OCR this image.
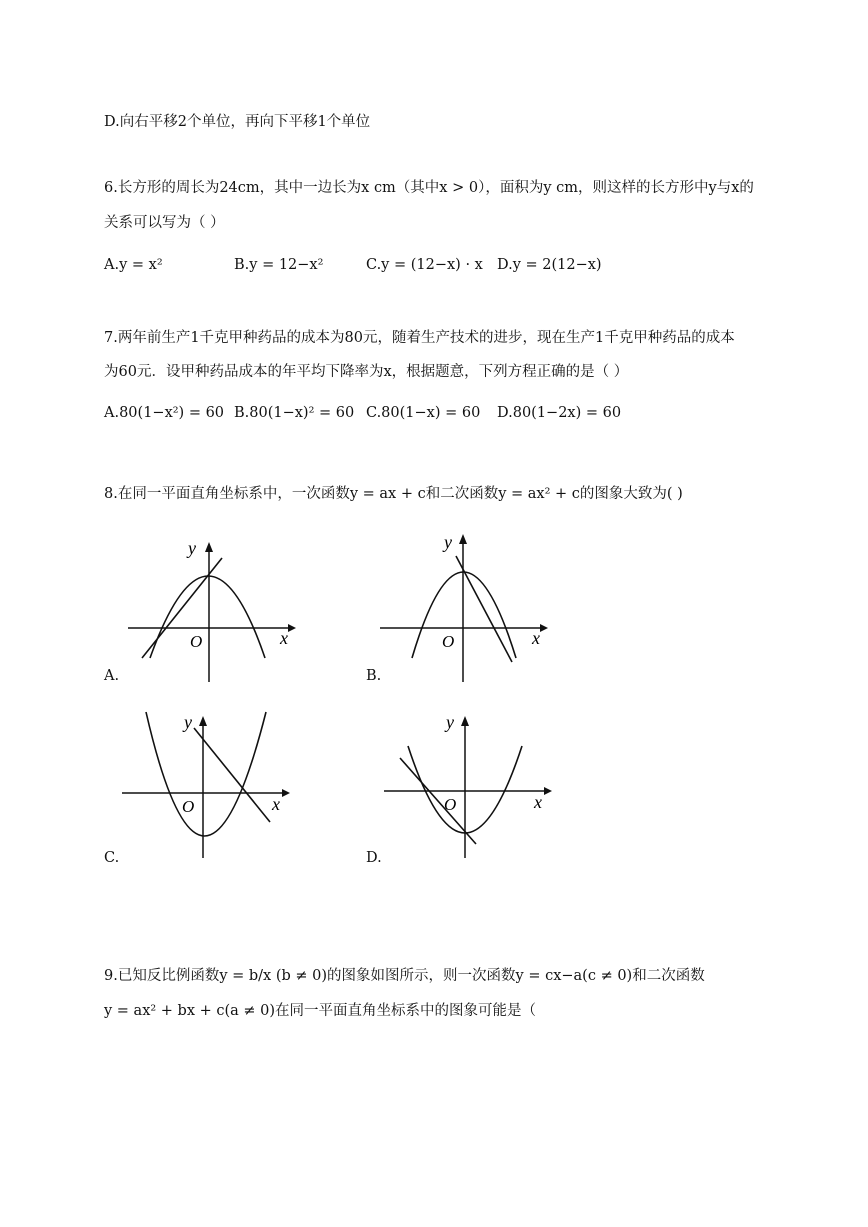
D.向右平移2个单位，再向下平移1个单位
6.长方形的周长为24cm，其中一边长为x cm（其中x > 0），面积为y cm，则这样的长方形中y与x的
关系可以写为（ ）
A.y = x²	B.y = 12−x²	C.y = (12−x) · x D.y = 2(12−x)
7.两年前生产1千克甲种药品的成本为80元，随着生产技术的进步，现在生产1千克甲种药品的成本
为60元．设甲种药品成本的年平均下降率为x，根据题意，下列方程正确的是（ ）
A.80(1−x²) = 60 B.80(1−x)² = 60 C.80(1−x) = 60 D.80(1−2x) = 60
8.在同一平面直角坐标系中，一次函数y = ax + c和二次函数y = ax² + c的图象大致为( )
x
y
O
A.
x
y
O
B.
x
y
O
C.
x
y
O
D.
9.已知反比例函数y = b/x (b ≠ 0)的图象如图所示，则一次函数y = cx−a(c ≠ 0)和二次函数
y = ax² + bx + c(a ≠ 0)在同一平面直角坐标系中的图象可能是（
